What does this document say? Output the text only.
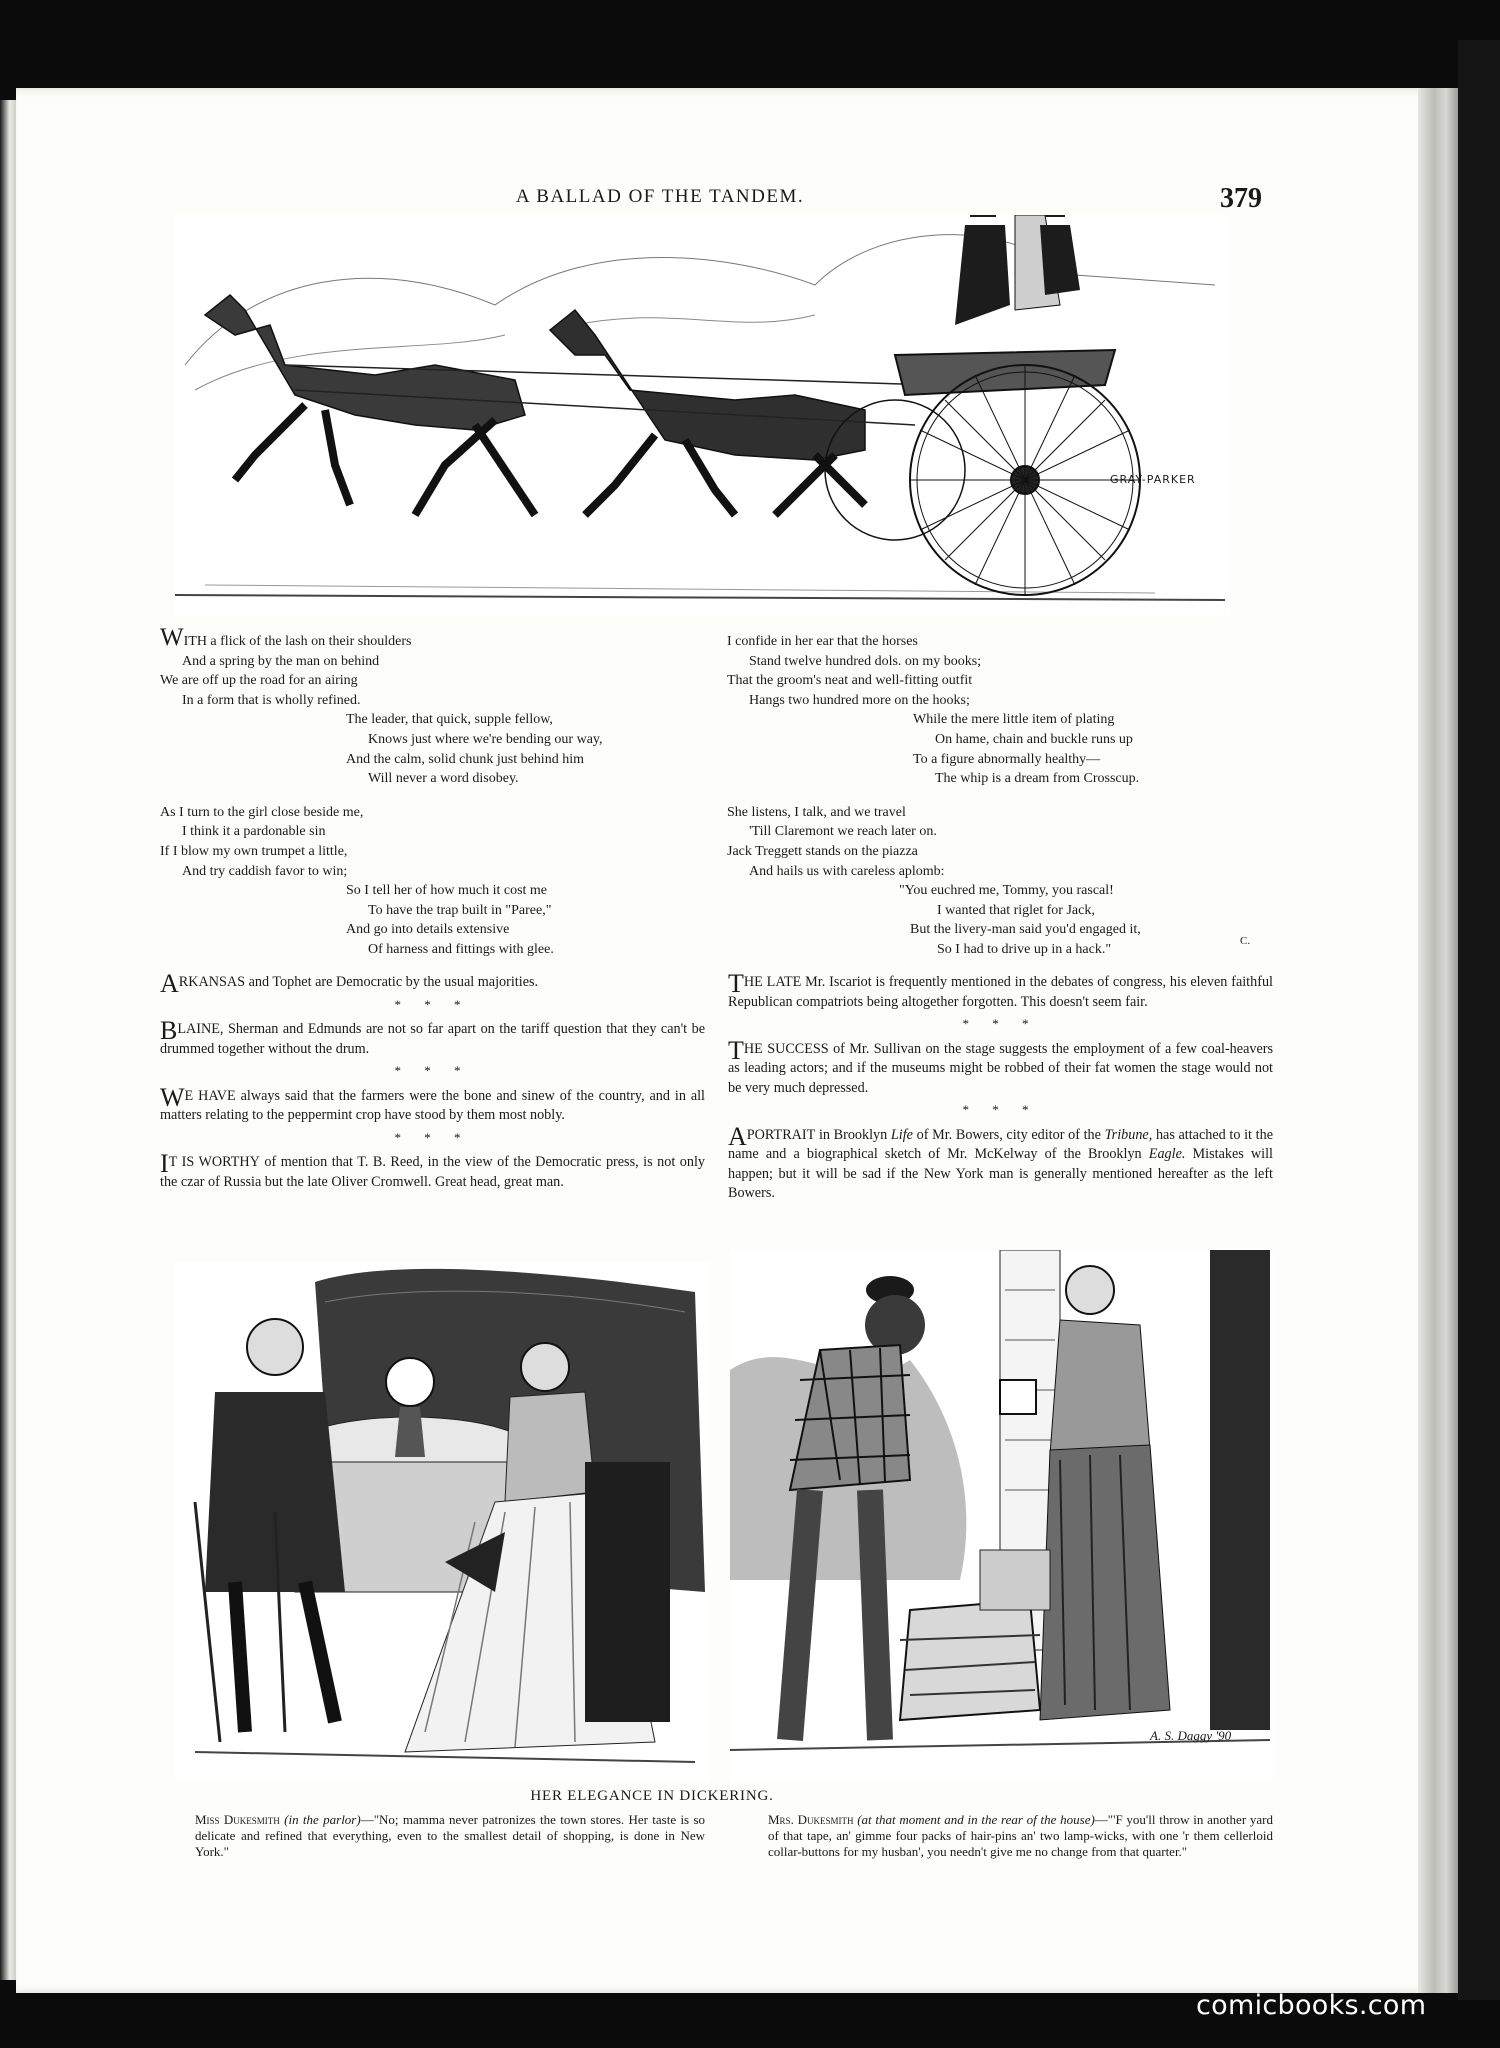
A BALLAD OF THE TANDEM.	379
GRAY-PARKER
WITH a flick of the lash on their shoulders
And a spring by the man on behind
We are off up the road for an airing
In a form that is wholly refined.
The leader, that quick, supple fellow,
Knows just where we're bending our way,
And the calm, solid chunk just behind him
Will never a word disobey.
As I turn to the girl close beside me,
I think it a pardonable sin
If I blow my own trumpet a little,
And try caddish favor to win;
So I tell her of how much it cost me
To have the trap built in "Paree,"
And go into details extensive
Of harness and fittings with glee.
I confide in her ear that the horses
Stand twelve hundred dols. on my books;
That the groom's neat and well-fitting outfit
Hangs two hundred more on the hooks;
While the mere little item of plating
On hame, chain and buckle runs up
To a figure abnormally healthy—
The whip is a dream from Crosscup.
She listens, I talk, and we travel
'Till Claremont we reach later on.
Jack Treggett stands on the piazza
And hails us with careless aplomb:
"You euchred me, Tommy, you rascal!
I wanted that riglet for Jack,
But the livery-man said you'd engaged it,
So I had to drive up in a hack."
C.

ARKANSAS and Tophet are Democratic by the usual majorities.

* * *

BLAINE, Sherman and Edmunds are not so far apart on the tariff question that they can't be drummed together without the drum.

* * *

WE HAVE always said that the farmers were the bone and sinew of the country, and in all matters relating to the peppermint crop have stood by them most nobly.

* * *

IT IS WORTHY of mention that T. B. Reed, in the view of the Democratic press, is not only the czar of Russia but the late Oliver Cromwell. Great head, great man.

THE LATE Mr. Iscariot is frequently mentioned in the debates of congress, his eleven faithful Republican compatriots being altogether forgotten. This doesn't seem fair.

* * *

THE SUCCESS of Mr. Sullivan on the stage suggests the employment of a few coal-heavers as leading actors; and if the museums might be robbed of their fat women the stage would not be very much depressed.

* * *

APORTRAIT in Brooklyn Life of Mr. Bowers, city editor of the Tribune, has attached to it the name and a biographical sketch of Mr. McKelway of the Brooklyn Eagle. Mistakes will happen; but it will be sad if the New York man is generally mentioned hereafter as the left Bowers.

A. S. Daggy '90
HER ELEGANCE IN DICKERING.
Miss Dukesmith (in the parlor)—"No; mamma never patronizes the town stores. Her taste is so delicate and refined that everything, even to the smallest detail of shopping, is done in New York."
Mrs. Dukesmith (at that moment and in the rear of the house)—"'F you'll throw in another yard of that tape, an' gimme four packs of hair-pins an' two lamp-wicks, with one 'r them cellerloid collar-buttons for my husban', you needn't give me no change from that quarter."
comicbooks.com
